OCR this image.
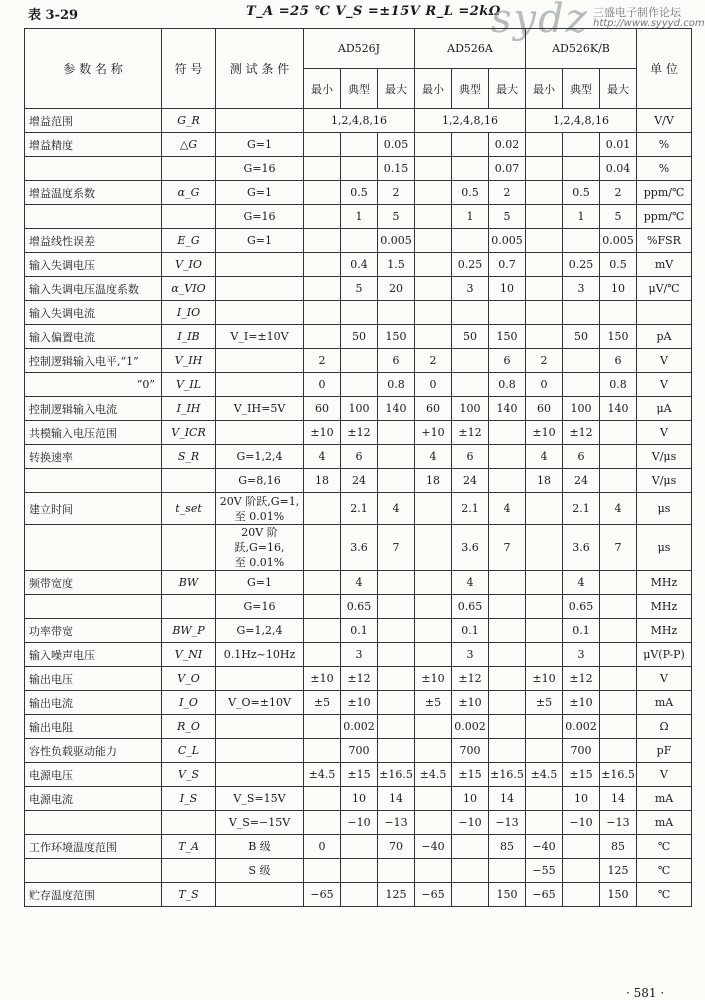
表 3-29	T_A =25 ℃ V_S =±15V R_L =2kΩ
sydz 三盛电子制作论坛
http://www.syyyd.com
参 数 名 称	符 号	测 试 条 件	AD526J			AD526A			AD526K/B			单 位
			最小	典型	最大	最小	典型	最大	最小	典型	最大	
增益范围	G_R		1,2,4,8,16			1,2,4,8,16			1,2,4,8,16			V/V
增益精度	△G	G=1			0.05			0.02			0.01	%
		G=16			0.15			0.07			0.04	%
增益温度系数	α_G	G=1		0.5	2		0.5	2		0.5	2	ppm/℃
		G=16		1	5		1	5		1	5	ppm/℃
增益线性误差	E_G	G=1			0.005			0.005			0.005	%FSR
输入失调电压	V_IO			0.4	1.5		0.25	0.7		0.25	0.5	mV
输入失调电压温度系数	α_VIO			5	20		3	10		3	10	μV/℃
输入失调电流	I_IO											
输入偏置电流	I_IB	V_I=±10V		50	150		50	150		50	150	pA
控制逻辑输入电平,“1”	V_IH		2		6	2		6	2		6	V
“0”	V_IL		0		0.8	0		0.8	0		0.8	V
控制逻辑输入电流	I_IH	V_IH=5V	60	100	140	60	100	140	60	100	140	μA
共模输入电压范围	V_ICR		±10	±12		+10	±12		±10	±12		V
转换速率	S_R	G=1,2,4	4	6		4	6		4	6		V/μs
		G=8,16	18	24		18	24		18	24		V/μs
建立时间	t_set	20V 阶跃,G=1,
至 0.01%		2.1	4		2.1	4		2.1	4	μs
		20V 阶跃,G=16,
至 0.01%		3.6	7		3.6	7		3.6	7	μs
频带宽度	BW	G=1		4			4			4		MHz
		G=16		0.65			0.65			0.65		MHz
功率带宽	BW_P	G=1,2,4		0.1			0.1			0.1		MHz
输入噪声电压	V_NI	0.1Hz~10Hz		3			3			3		μV(P-P)
输出电压	V_O		±10	±12		±10	±12		±10	±12		V
输出电流	I_O	V_O=±10V	±5	±10		±5	±10		±5	±10		mA
输出电阻	R_O			0.002			0.002			0.002		Ω
容性负载驱动能力	C_L			700			700			700		pF
电源电压	V_S		±4.5	±15	±16.5	±4.5	±15	±16.5	±4.5	±15	±16.5	V
电源电流	I_S	V_S=15V		10	14		10	14		10	14	mA
		V_S=−15V		−10	−13		−10	−13		−10	−13	mA
工作环境温度范围	T_A	B 级	0		70	−40		85	−40		85	℃
		S 级							−55		125	℃
贮存温度范围	T_S		−65		125	−65		150	−65		150	℃
· 581 ·
